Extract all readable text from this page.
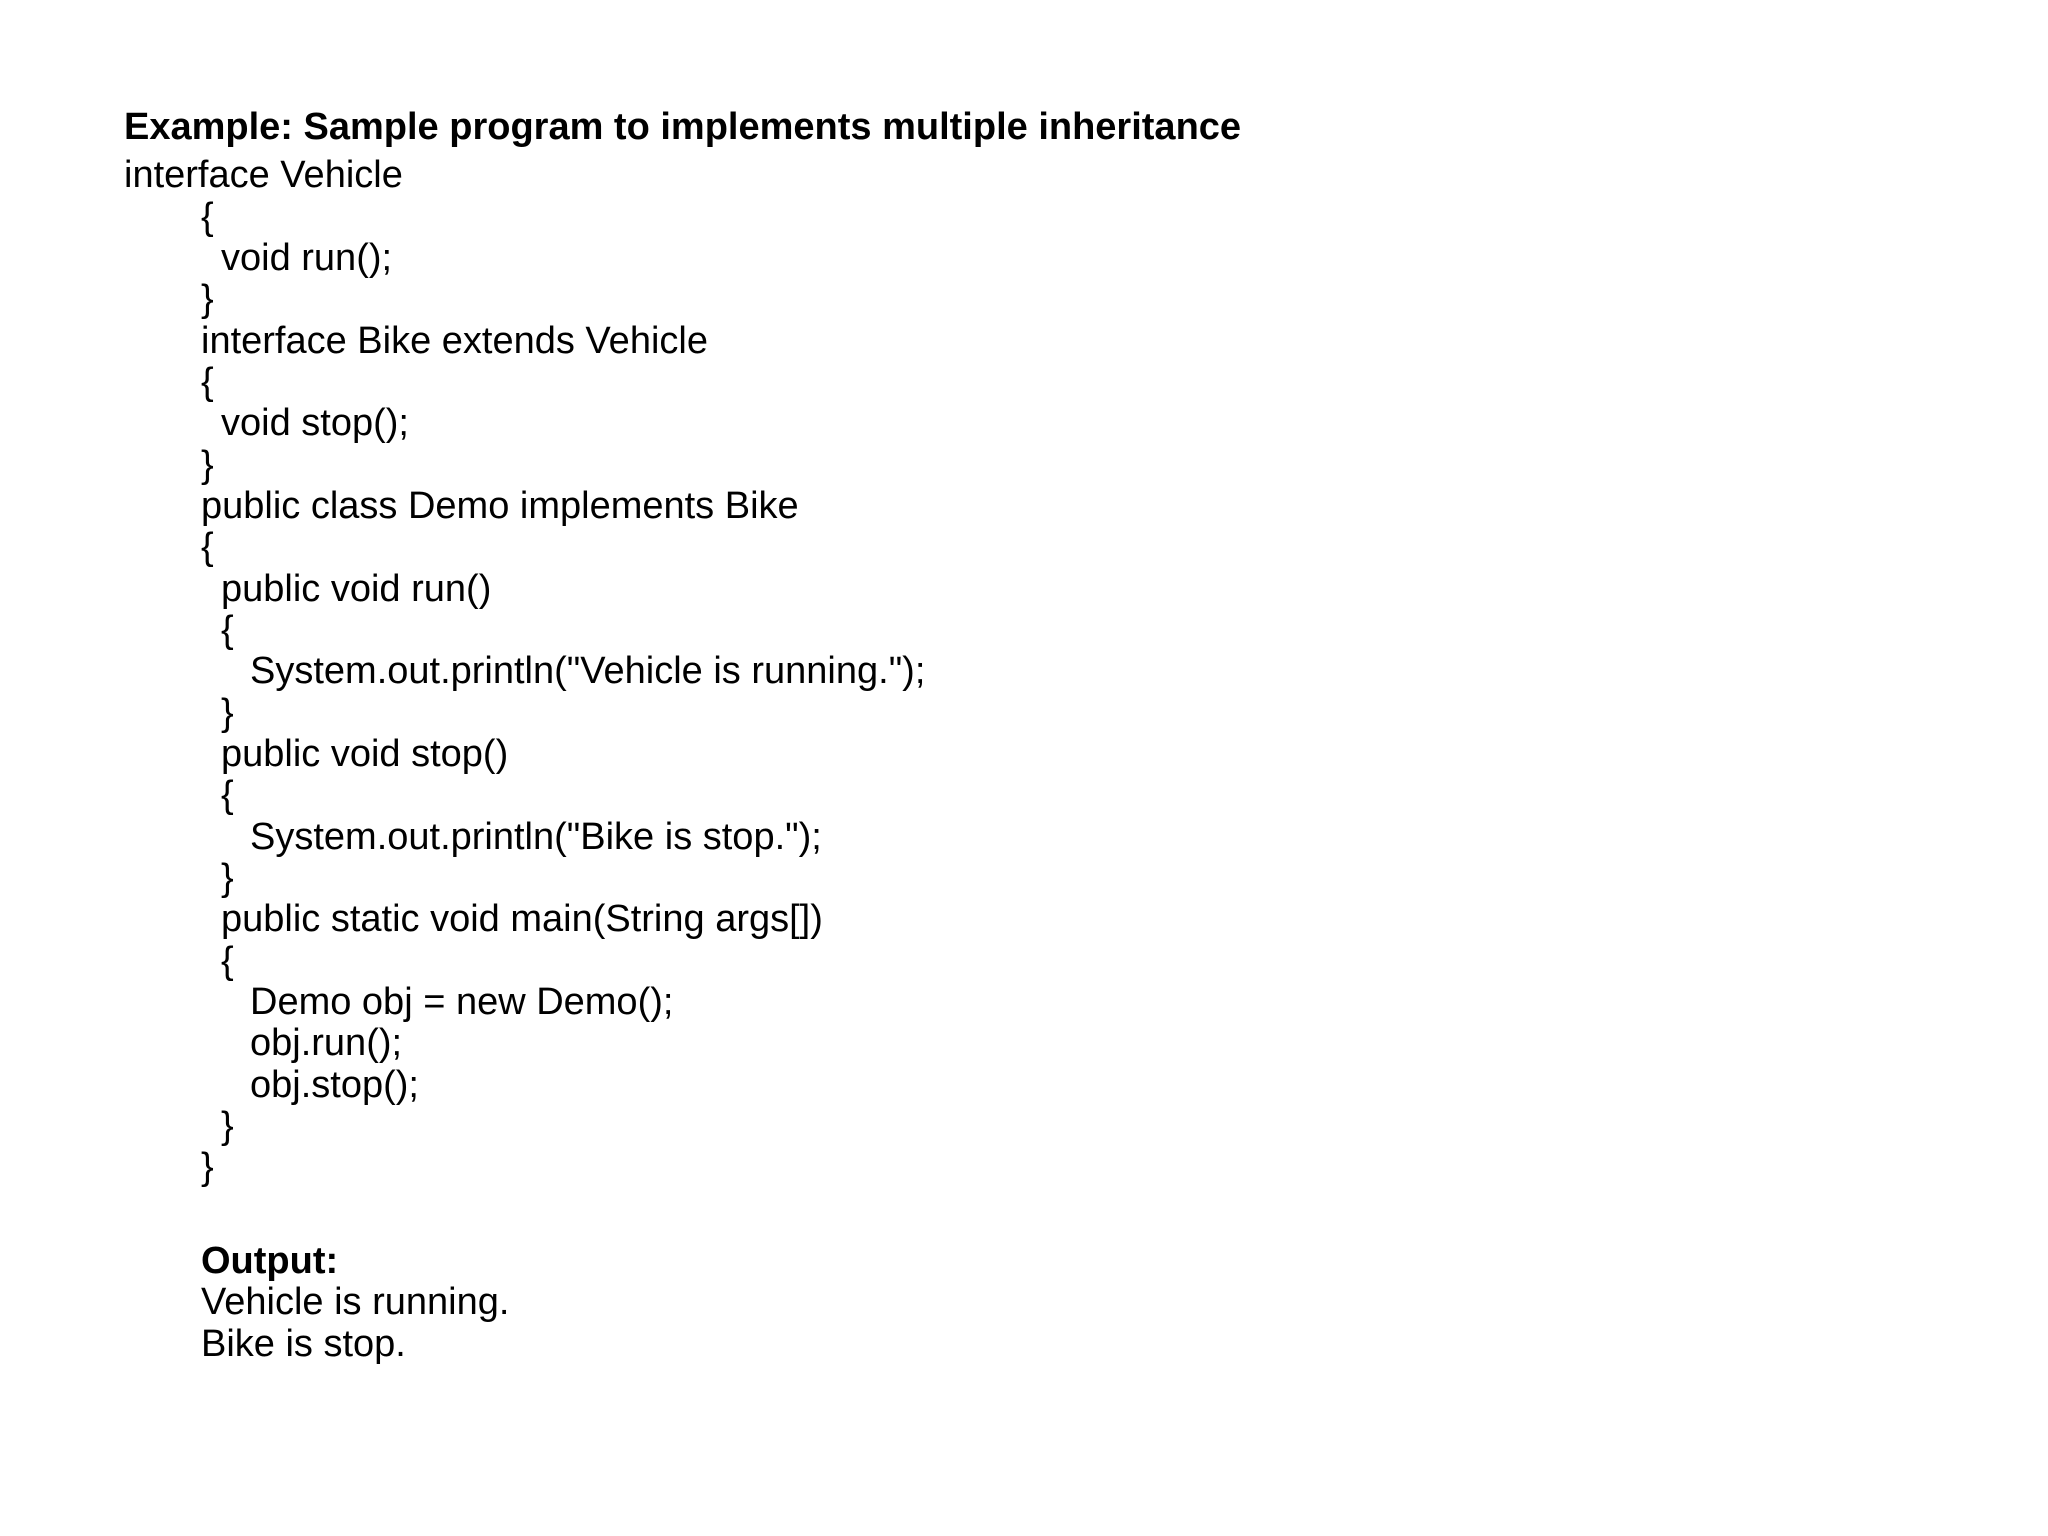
Example: Sample program to implements multiple inheritance
interface Vehicle
{
void run();
}
interface Bike extends Vehicle
{
void stop();
}
public class Demo implements Bike
{
public void run()
{
System.out.println("Vehicle is running.");
}
public void stop()
{
System.out.println("Bike is stop.");
}
public static void main(String args[])
{
Demo obj = new Demo();
obj.run();
obj.stop();
}
}
Output:
Vehicle is running.
Bike is stop.
